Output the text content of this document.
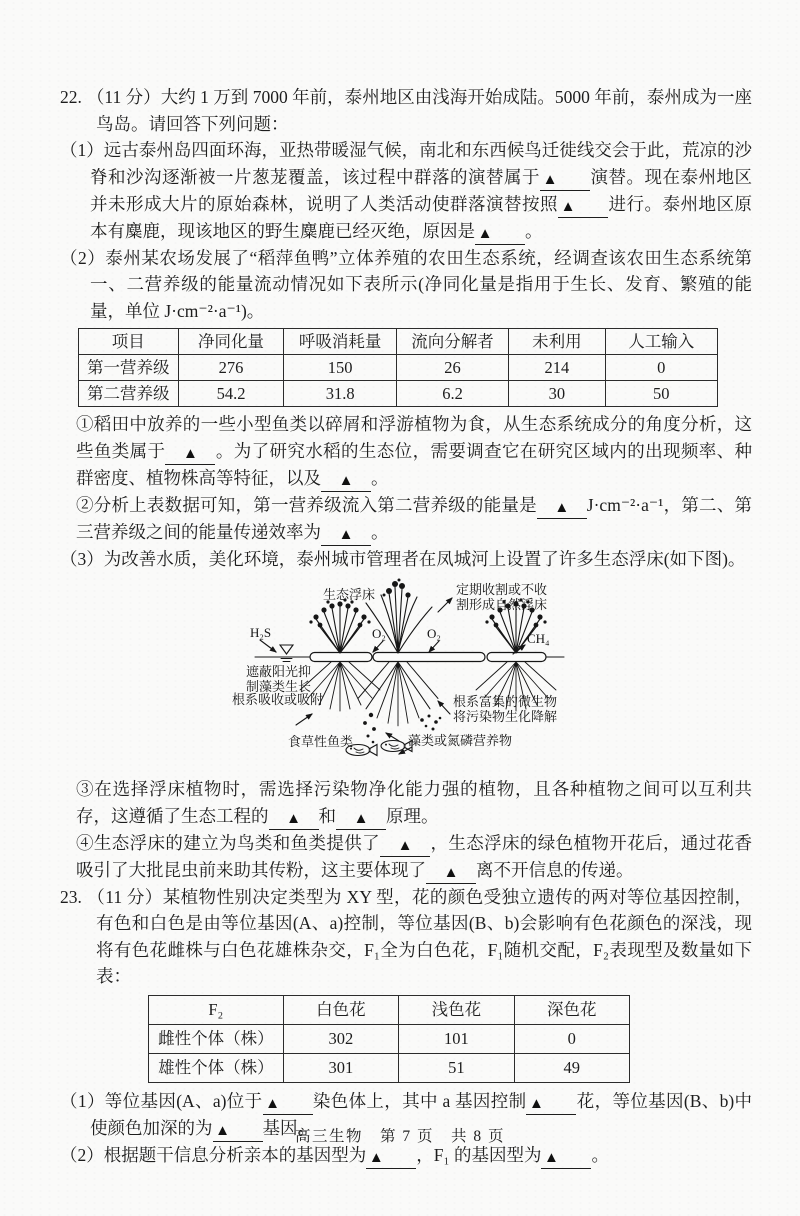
22. （11 分）大约 1 万到 7000 年前，泰州地区由浅海开始成陆。5000 年前，泰州成为一座鸟岛。请回答下列问题：

（1）远古泰州岛四面环海，亚热带暖湿气候，南北和东西候鸟迁徙线交会于此，荒凉的沙脊和沙沟逐渐被一片葱茏覆盖，该过程中群落的演替属于 ▲ 演替。现在泰州地区并未形成大片的原始森林，说明了人类活动使群落演替按照 ▲ 进行。泰州地区原本有麋鹿，现该地区的野生麋鹿已经灭绝，原因是 ▲ 。

（2）泰州某农场发展了“稻萍鱼鸭”立体养殖的农田生态系统，经调查该农田生态系统第一、二营养级的能量流动情况如下表所示(净同化量是指用于生长、发育、繁殖的能量，单位 J·cm⁻²·a⁻¹)。

项目	净同化量	呼吸消耗量	流向分解者	未利用	人工输入
第一营养级	276	150	26	214	0
第二营养级	54.2	31.8	6.2	30	50

①稻田中放养的一些小型鱼类以碎屑和浮游植物为食，从生态系统成分的角度分析，这些鱼类属于 ▲ 。为了研究水稻的生态位，需要调查它在研究区域内的出现频率、种群密度、植物株高等特征，以及 ▲ 。

②分析上表数据可知，第一营养级流入第二营养级的能量是 ▲ J·cm⁻²·a⁻¹，第二、第三营养级之间的能量传递效率为 ▲ 。

（3）为改善水质，美化环境，泰州城市管理者在凤城河上设置了许多生态浮床(如下图)。

生态浮床	定期收割或不收
割形成自然浮床
H₂S	O₂	O₂	CH₄
遮蔽阳光抑
制藻类生长
根系吸收或吸附
食草性鱼类	藻类或氮磷营养物
根系富集的微生物
将污染物生化降解

③在选择浮床植物时，需选择污染物净化能力强的植物，且各种植物之间可以互利共存，这遵循了生态工程的 ▲ 和 ▲ 原理。

④生态浮床的建立为鸟类和鱼类提供了 ▲ ，生态浮床的绿色植物开花后，通过花香吸引了大批昆虫前来助其传粉，这主要体现了 ▲ 离不开信息的传递。

23. （11 分）某植物性别决定类型为 XY 型，花的颜色受独立遗传的两对等位基因控制，有色和白色是由等位基因(A、a)控制，等位基因(B、b)会影响有色花颜色的深浅，现将有色花雌株与白色花雄株杂交，F₁全为白色花，F₁随机交配，F₂表现型及数量如下表：

F₂	白色花	浅色花	深色花
雌性个体（株）	302	101	0
雄性个体（株）	301	51	49

（1）等位基因(A、a)位于 ▲ 染色体上，其中 a 基因控制 ▲ 花，等位基因(B、b)中使颜色加深的为 ▲ 基因。

（2）根据题干信息分析亲本的基因型为 ▲ ，F₁ 的基因型为 ▲ 。

高三生物　第 7 页　共 8 页
